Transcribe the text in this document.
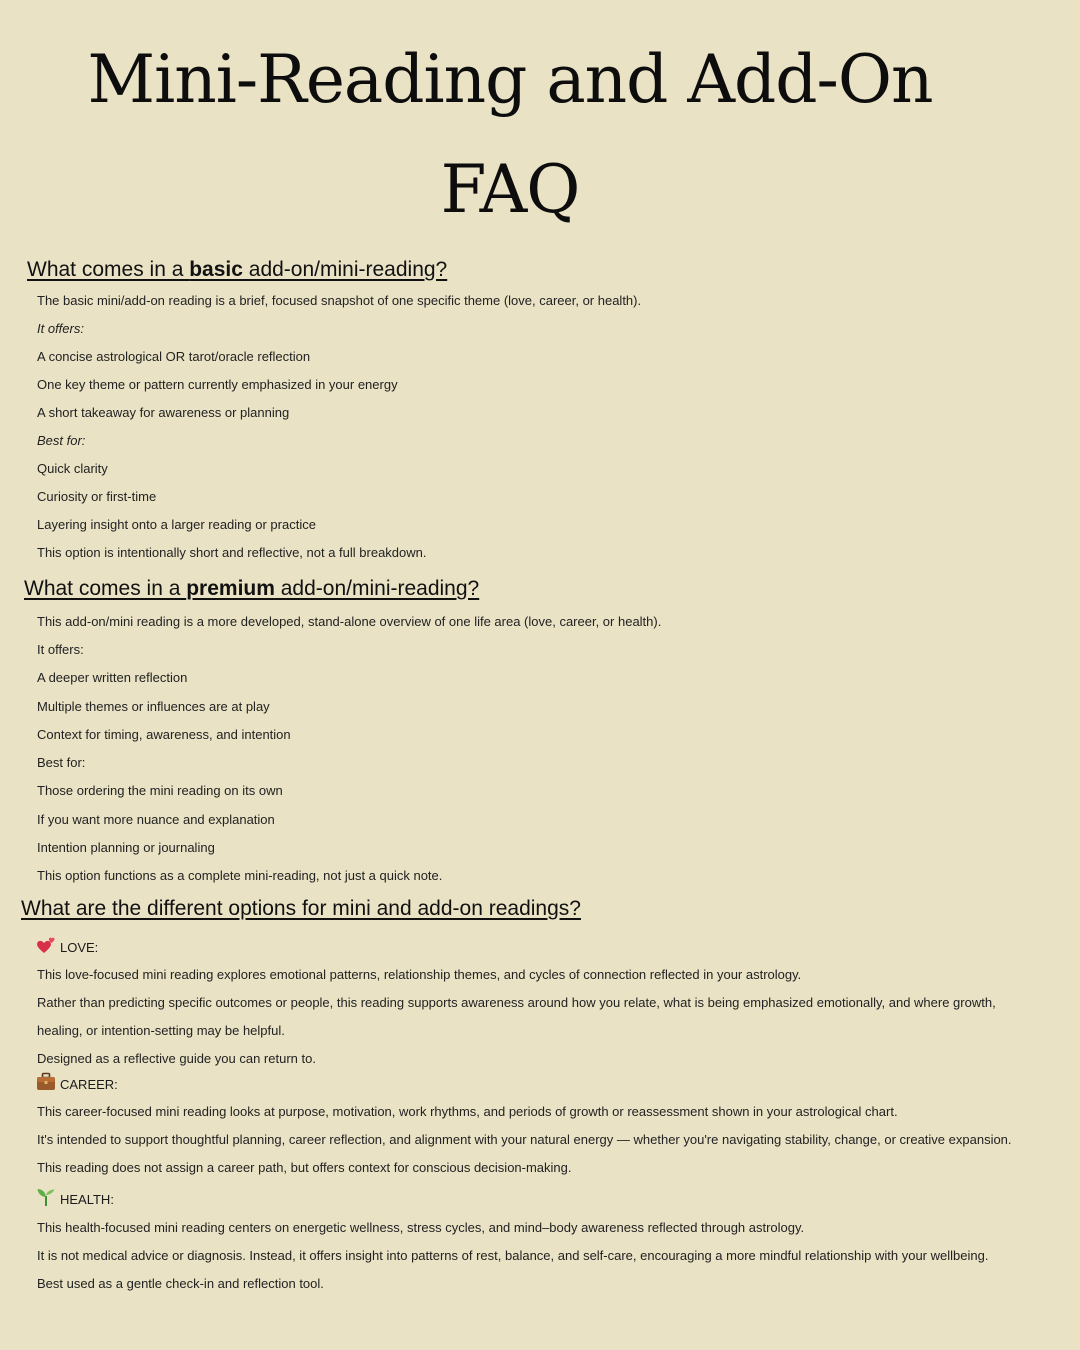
Mini-Reading and Add-On
FAQ
What comes in a basic add-on/mini-reading?
The basic mini/add-on reading is a brief, focused snapshot of one specific theme (love, career, or health).
It offers:
A concise astrological OR tarot/oracle reflection
One key theme or pattern currently emphasized in your energy
A short takeaway for awareness or planning
Best for:
Quick clarity
Curiosity or first-time
Layering insight onto a larger reading or practice
This option is intentionally short and reflective, not a full breakdown.
What comes in a premium add-on/mini-reading?
This add-on/mini reading is a more developed, stand-alone overview of one life area (love, career, or health).
It offers:
A deeper written reflection
Multiple themes or influences are at play
Context for timing, awareness, and intention
Best for:
Those ordering the mini reading on its own
If you want more nuance and explanation
Intention planning or journaling
This option functions as a complete mini-reading, not just a quick note.
What are the different options for mini and add-on readings?
LOVE:
This love-focused mini reading explores emotional patterns, relationship themes, and cycles of connection reflected in your astrology.
Rather than predicting specific outcomes or people, this reading supports awareness around how you relate, what is being emphasized emotionally, and where growth,
healing, or intention-setting may be helpful.
Designed as a reflective guide you can return to.
CAREER:
This career-focused mini reading looks at purpose, motivation, work rhythms, and periods of growth or reassessment shown in your astrological chart.
It's intended to support thoughtful planning, career reflection, and alignment with your natural energy — whether you're navigating stability, change, or creative expansion.
This reading does not assign a career path, but offers context for conscious decision-making.
HEALTH:
This health-focused mini reading centers on energetic wellness, stress cycles, and mind–body awareness reflected through astrology.
It is not medical advice or diagnosis. Instead, it offers insight into patterns of rest, balance, and self-care, encouraging a more mindful relationship with your wellbeing.
Best used as a gentle check-in and reflection tool.
